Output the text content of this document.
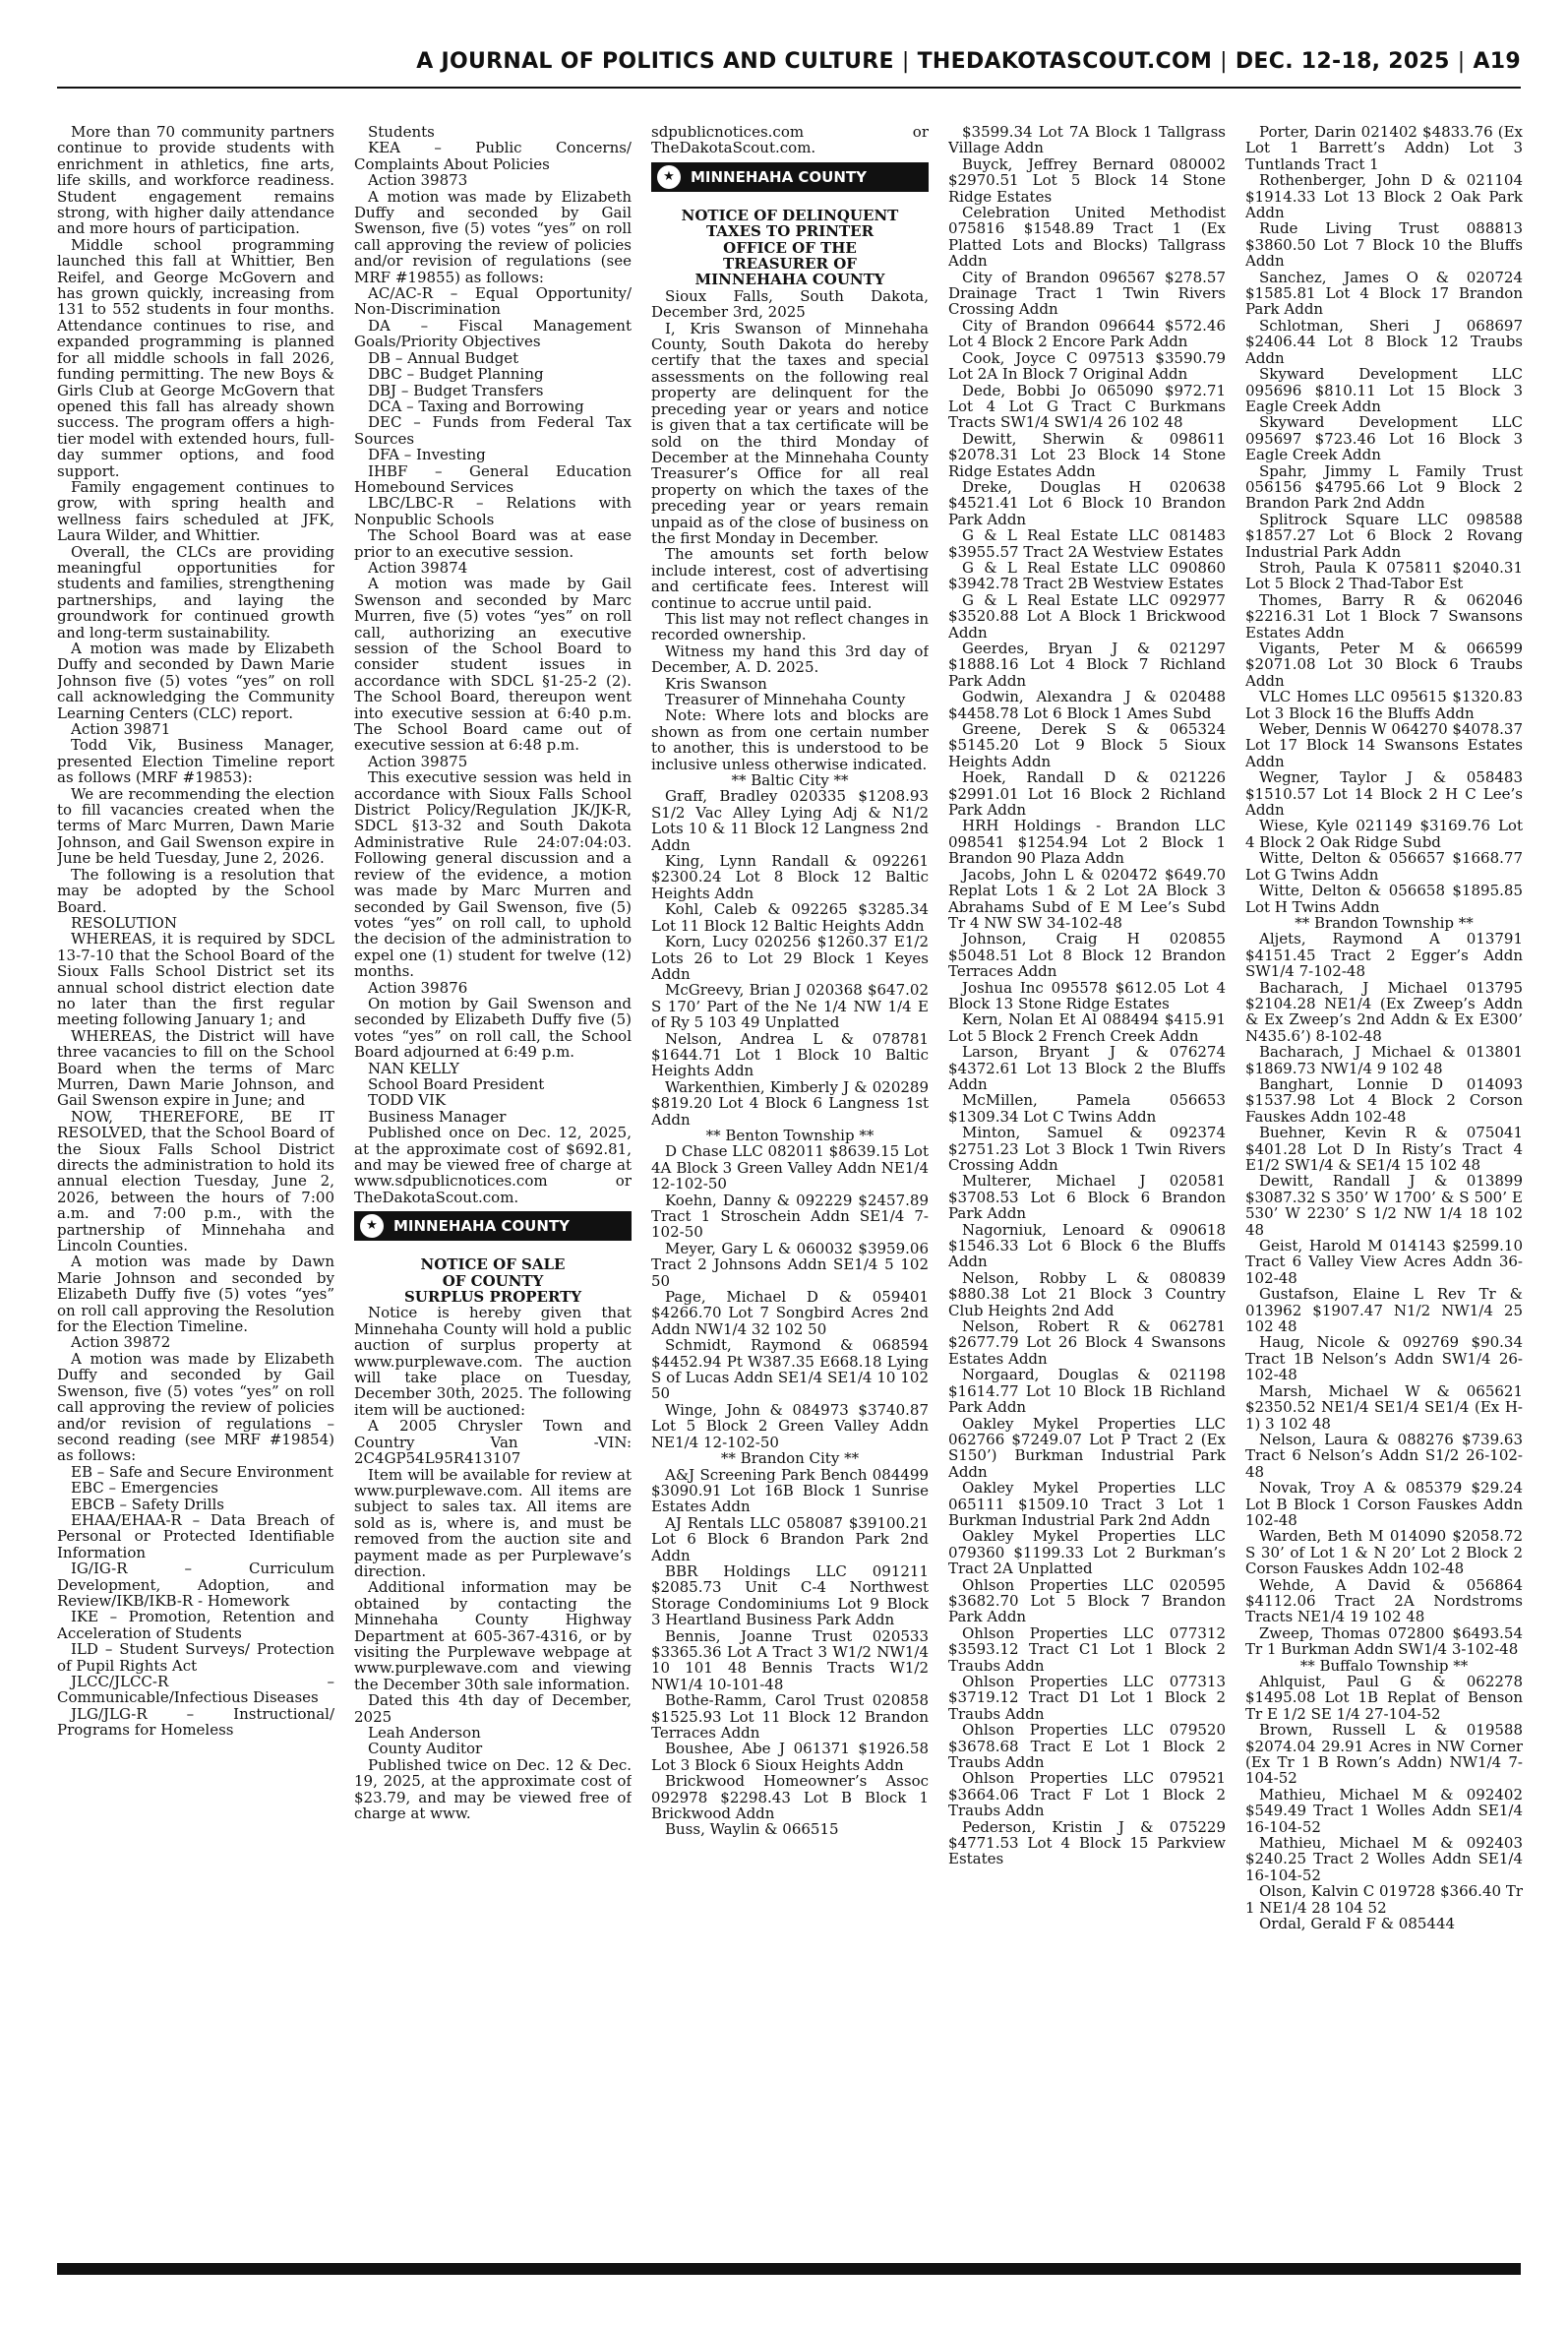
A JOURNAL OF POLITICS AND CULTURE | THEDAKOTASCOUT.COM | DEC. 12-18, 2025 | A19

More than 70 community partners continue to provide students with enrichment in athletics, fine arts, life skills, and workforce readiness. Student engagement remains strong, with higher daily attendance and more hours of participation.

Middle school programming launched this fall at Whittier, Ben Reifel, and George McGovern and has grown quickly, increasing from 131 to 552 students in four months. Attendance continues to rise, and expanded programming is planned for all middle schools in fall 2026, funding permitting. The new Boys & Girls Club at George McGovern that opened this fall has already shown success. The program offers a high-tier model with extended hours, full-day summer options, and food support.

Family engagement continues to grow, with spring health and wellness fairs scheduled at JFK, Laura Wilder, and Whittier.

Overall, the CLCs are providing meaningful opportunities for students and families, strengthening partnerships, and laying the groundwork for continued growth and long-term sustainability.

A motion was made by Elizabeth Duffy and seconded by Dawn Marie Johnson five (5) votes “yes” on roll call acknowledging the Community Learning Centers (CLC) report.

Action 39871

Todd Vik, Business Manager, presented Election Timeline report as follows (MRF #19853):

We are recommending the election to fill vacancies created when the terms of Marc Murren, Dawn Marie Johnson, and Gail Swenson expire in June be held Tuesday, June 2, 2026.

The following is a resolution that may be adopted by the School Board.

RESOLUTION

WHEREAS, it is required by SDCL 13-7-10 that the School Board of the Sioux Falls School District set its annual school district election date no later than the first regular meeting following January 1; and

WHEREAS, the District will have three vacancies to fill on the School Board when the terms of Marc Murren, Dawn Marie Johnson, and Gail Swenson expire in June; and

NOW, THEREFORE, BE IT RESOLVED, that the School Board of the Sioux Falls School District directs the administration to hold its annual election Tuesday, June 2, 2026, between the hours of 7:00 a.m. and 7:00 p.m., with the partnership of Minnehaha and Lincoln Counties.

A motion was made by Dawn Marie Johnson and seconded by Elizabeth Duffy five (5) votes “yes” on roll call approving the Resolution for the Election Timeline.

Action 39872

A motion was made by Elizabeth Duffy and seconded by Gail Swenson, five (5) votes “yes” on roll call approving the review of policies and/or revision of regulations – second reading (see MRF #19854) as follows:

EB – Safe and Secure Environment

EBC – Emergencies

EBCB – Safety Drills

EHAA/EHAA-R – Data Breach of Personal or Protected Identifiable Information

IG/IG-R – Curriculum Development, Adoption, and Review/IKB/IKB-R - Homework

IKE – Promotion, Retention and Acceleration of Students

ILD – Student Surveys/ Protection of Pupil Rights Act

JLCC/JLCC-R – Communicable/Infectious Diseases

JLG/JLG-R – Instructional/ Programs for Homeless

Students

KEA – Public Concerns/ Complaints About Policies

Action 39873

A motion was made by Elizabeth Duffy and seconded by Gail Swenson, five (5) votes “yes” on roll call approving the review of policies and/or revision of regulations (see MRF #19855) as follows:

AC/AC-R – Equal Opportunity/ Non-Discrimination

DA – Fiscal Management Goals/Priority Objectives

DB – Annual Budget

DBC – Budget Planning

DBJ – Budget Transfers

DCA – Taxing and Borrowing

DEC – Funds from Federal Tax Sources

DFA – Investing

IHBF – General Education Homebound Services

LBC/LBC-R – Relations with Nonpublic Schools

The School Board was at ease prior to an executive session.

Action 39874

A motion was made by Gail Swenson and seconded by Marc Murren, five (5) votes “yes” on roll call, authorizing an executive session of the School Board to consider student issues in accordance with SDCL §1-25-2 (2). The School Board, thereupon went into executive session at 6:40 p.m. The School Board came out of executive session at 6:48 p.m.

Action 39875

This executive session was held in accordance with Sioux Falls School District Policy/Regulation JK/JK-R, SDCL §13-32 and South Dakota Administrative Rule 24:07:04:03. Following general discussion and a review of the evidence, a motion was made by Marc Murren and seconded by Gail Swenson, five (5) votes “yes” on roll call, to uphold the decision of the administration to expel one (1) student for twelve (12) months.

Action 39876

On motion by Gail Swenson and seconded by Elizabeth Duffy five (5) votes “yes” on roll call, the School Board adjourned at 6:49 p.m.

NAN KELLY

School Board President

TODD VIK

Business Manager

Published once on Dec. 12, 2025, at the approximate cost of $692.81, and may be viewed free of charge at www.sdpublicnotices.com or TheDakotaScout.com.

★	MINNEHAHA COUNTY

NOTICE OF SALE

OF COUNTY

SURPLUS PROPERTY

Notice is hereby given that Minnehaha County will hold a public auction of surplus property at www.purplewave.com. The auction will take place on Tuesday, December 30th, 2025. The following item will be auctioned:

A 2005 Chrysler Town and Country Van -VIN: 2C4GP54L95R413107

Item will be available for review at www.purplewave.com. All items are subject to sales tax. All items are sold as is, where is, and must be removed from the auction site and payment made as per Purplewave’s direction.

Additional information may be obtained by contacting the Minnehaha County Highway Department at 605-367-4316, or by visiting the Purplewave webpage at www.purplewave.com and viewing the December 30th sale information.

Dated this 4th day of December, 2025

Leah Anderson

County Auditor

Published twice on Dec. 12 & Dec. 19, 2025, at the approximate cost of $23.79, and may be viewed free of charge at www.

sdpublicnotices.com or TheDakotaScout.com.

★	MINNEHAHA COUNTY

NOTICE OF DELINQUENT

TAXES TO PRINTER

OFFICE OF THE

TREASURER OF

MINNEHAHA COUNTY

Sioux Falls, South Dakota, December 3rd, 2025

I, Kris Swanson of Minnehaha County, South Dakota do hereby certify that the taxes and special assessments on the following real property are delinquent for the preceding year or years and notice is given that a tax certificate will be sold on the third Monday of December at the Minnehaha County Treasurer’s Office for all real property on which the taxes of the preceding year or years remain unpaid as of the close of business on the first Monday in December.

The amounts set forth below include interest, cost of advertising and certificate fees. Interest will continue to accrue until paid.

This list may not reflect changes in recorded ownership.

Witness my hand this 3rd day of December, A. D. 2025.

Kris Swanson

Treasurer of Minnehaha County

Note: Where lots and blocks are shown as from one certain number to another, this is understood to be inclusive unless otherwise indicated.

** Baltic City **

Graff, Bradley 020335 $1208.93 S1/2 Vac Alley Lying Adj & N1/2 Lots 10 & 11 Block 12 Langness 2nd Addn

King, Lynn Randall & 092261 $2300.24 Lot 8 Block 12 Baltic Heights Addn

Kohl, Caleb & 092265 $3285.34 Lot 11 Block 12 Baltic Heights Addn

Korn, Lucy 020256 $1260.37 E1/2 Lots 26 to Lot 29 Block 1 Keyes Addn

McGreevy, Brian J 020368 $647.02 S 170’ Part of the Ne 1/4 NW 1/4 E of Ry 5 103 49 Unplatted

Nelson, Andrea L & 078781 $1644.71 Lot 1 Block 10 Baltic Heights Addn

Warkenthien, Kimberly J & 020289 $819.20 Lot 4 Block 6 Langness 1st Addn

** Benton Township **

D Chase LLC 082011 $8639.15 Lot 4A Block 3 Green Valley Addn NE1/4 12-102-50

Koehn, Danny & 092229 $2457.89 Tract 1 Stroschein Addn SE1/4 7-102-50

Meyer, Gary L & 060032 $3959.06 Tract 2 Johnsons Addn SE1/4 5 102 50

Page, Michael D & 059401 $4266.70 Lot 7 Songbird Acres 2nd Addn NW1/4 32 102 50

Schmidt, Raymond & 068594 $4452.94 Pt W387.35 E668.18 Lying S of Lucas Addn SE1/4 SE1/4 10 102 50

Winge, John & 084973 $3740.87 Lot 5 Block 2 Green Valley Addn NE1/4 12-102-50

** Brandon City **

A&J Screening Park Bench 084499 $3090.91 Lot 16B Block 1 Sunrise Estates Addn

AJ Rentals LLC 058087 $39100.21 Lot 6 Block 6 Brandon Park 2nd Addn

BBR Holdings LLC 091211 $2085.73 Unit C-4 Northwest Storage Condominiums Lot 9 Block 3 Heartland Business Park Addn

Bennis, Joanne Trust 020533 $3365.36 Lot A Tract 3 W1/2 NW1/4 10 101 48 Bennis Tracts W1/2 NW1/4 10-101-48

Bothe-Ramm, Carol Trust 020858 $1525.93 Lot 11 Block 12 Brandon Terraces Addn

Boushee, Abe J 061371 $1926.58 Lot 3 Block 6 Sioux Heights Addn

Brickwood Homeowner’s Assoc 092978 $2298.43 Lot B Block 1 Brickwood Addn

Buss, Waylin & 066515

$3599.34 Lot 7A Block 1 Tallgrass Village Addn

Buyck, Jeffrey Bernard 080002 $2970.51 Lot 5 Block 14 Stone Ridge Estates

Celebration United Methodist 075816 $1548.89 Tract 1 (Ex Platted Lots and Blocks) Tallgrass Addn

City of Brandon 096567 $278.57 Drainage Tract 1 Twin Rivers Crossing Addn

City of Brandon 096644 $572.46 Lot 4 Block 2 Encore Park Addn

Cook, Joyce C 097513 $3590.79 Lot 2A In Block 7 Original Addn

Dede, Bobbi Jo 065090 $972.71 Lot 4 Lot G Tract C Burkmans Tracts SW1/4 SW1/4 26 102 48

Dewitt, Sherwin & 098611 $2078.31 Lot 23 Block 14 Stone Ridge Estates Addn

Dreke, Douglas H 020638 $4521.41 Lot 6 Block 10 Brandon Park Addn

G & L Real Estate LLC 081483 $3955.57 Tract 2A Westview Estates

G & L Real Estate LLC 090860 $3942.78 Tract 2B Westview Estates

G & L Real Estate LLC 092977 $3520.88 Lot A Block 1 Brickwood Addn

Geerdes, Bryan J & 021297 $1888.16 Lot 4 Block 7 Richland Park Addn

Godwin, Alexandra J & 020488 $4458.78 Lot 6 Block 1 Ames Subd

Greene, Derek S & 065324 $5145.20 Lot 9 Block 5 Sioux Heights Addn

Hoek, Randall D & 021226 $2991.01 Lot 16 Block 2 Richland Park Addn

HRH Holdings - Brandon LLC 098541 $1254.94 Lot 2 Block 1 Brandon 90 Plaza Addn

Jacobs, John L & 020472 $649.70 Replat Lots 1 & 2 Lot 2A Block 3 Abrahams Subd of E M Lee’s Subd Tr 4 NW SW 34-102-48

Johnson, Craig H 020855 $5048.51 Lot 8 Block 12 Brandon Terraces Addn

Joshua Inc 095578 $612.05 Lot 4 Block 13 Stone Ridge Estates

Kern, Nolan Et Al 088494 $415.91 Lot 5 Block 2 French Creek Addn

Larson, Bryant J & 076274 $4372.61 Lot 13 Block 2 the Bluffs Addn

McMillen, Pamela 056653 $1309.34 Lot C Twins Addn

Minton, Samuel & 092374 $2751.23 Lot 3 Block 1 Twin Rivers Crossing Addn

Multerer, Michael J 020581 $3708.53 Lot 6 Block 6 Brandon Park Addn

Nagorniuk, Lenoard & 090618 $1546.33 Lot 6 Block 6 the Bluffs Addn

Nelson, Robby L & 080839 $880.38 Lot 21 Block 3 Country Club Heights 2nd Add

Nelson, Robert R & 062781 $2677.79 Lot 26 Block 4 Swansons Estates Addn

Norgaard, Douglas & 021198 $1614.77 Lot 10 Block 1B Richland Park Addn

Oakley Mykel Properties LLC 062766 $7249.07 Lot P Tract 2 (Ex S150’) Burkman Industrial Park Addn

Oakley Mykel Properties LLC 065111 $1509.10 Tract 3 Lot 1 Burkman Industrial Park 2nd Addn

Oakley Mykel Properties LLC 079360 $1199.33 Lot 2 Burkman’s Tract 2A Unplatted

Ohlson Properties LLC 020595 $3682.70 Lot 5 Block 7 Brandon Park Addn

Ohlson Properties LLC 077312 $3593.12 Tract C1 Lot 1 Block 2 Traubs Addn

Ohlson Properties LLC 077313 $3719.12 Tract D1 Lot 1 Block 2 Traubs Addn

Ohlson Properties LLC 079520 $3678.68 Tract E Lot 1 Block 2 Traubs Addn

Ohlson Properties LLC 079521 $3664.06 Tract F Lot 1 Block 2 Traubs Addn

Pederson, Kristin J & 075229 $4771.53 Lot 4 Block 15 Parkview Estates

Porter, Darin 021402 $4833.76 (Ex Lot 1 Barrett’s Addn) Lot 3 Tuntlands Tract 1

Rothenberger, John D & 021104 $1914.33 Lot 13 Block 2 Oak Park Addn

Rude Living Trust 088813 $3860.50 Lot 7 Block 10 the Bluffs Addn

Sanchez, James O & 020724 $1585.81 Lot 4 Block 17 Brandon Park Addn

Schlotman, Sheri J 068697 $2406.44 Lot 8 Block 12 Traubs Addn

Skyward Development LLC 095696 $810.11 Lot 15 Block 3 Eagle Creek Addn

Skyward Development LLC 095697 $723.46 Lot 16 Block 3 Eagle Creek Addn

Spahr, Jimmy L Family Trust 056156 $4795.66 Lot 9 Block 2 Brandon Park 2nd Addn

Splitrock Square LLC 098588 $1857.27 Lot 6 Block 2 Rovang Industrial Park Addn

Stroh, Paula K 075811 $2040.31 Lot 5 Block 2 Thad-Tabor Est

Thomes, Barry R & 062046 $2216.31 Lot 1 Block 7 Swansons Estates Addn

Vigants, Peter M & 066599 $2071.08 Lot 30 Block 6 Traubs Addn

VLC Homes LLC 095615 $1320.83 Lot 3 Block 16 the Bluffs Addn

Weber, Dennis W 064270 $4078.37 Lot 17 Block 14 Swansons Estates Addn

Wegner, Taylor J & 058483 $1510.57 Lot 14 Block 2 H C Lee’s Addn

Wiese, Kyle 021149 $3169.76 Lot 4 Block 2 Oak Ridge Subd

Witte, Delton & 056657 $1668.77 Lot G Twins Addn

Witte, Delton & 056658 $1895.85 Lot H Twins Addn

** Brandon Township **

Aljets, Raymond A 013791 $4151.45 Tract 2 Egger’s Addn SW1/4 7-102-48

Bacharach, J Michael 013795 $2104.28 NE1/4 (Ex Zweep’s Addn & Ex Zweep’s 2nd Addn & Ex E300’ N435.6’) 8-102-48

Bacharach, J Michael & 013801 $1869.73 NW1/4 9 102 48

Banghart, Lonnie D 014093 $1537.98 Lot 4 Block 2 Corson Fauskes Addn 102-48

Buehner, Kevin R & 075041 $401.28 Lot D In Risty’s Tract 4 E1/2 SW1/4 & SE1/4 15 102 48

Dewitt, Randall J & 013899 $3087.32 S 350’ W 1700’ & S 500’ E 530’ W 2230’ S 1/2 NW 1/4 18 102 48

Geist, Harold M 014143 $2599.10 Tract 6 Valley View Acres Addn 36-102-48

Gustafson, Elaine L Rev Tr & 013962 $1907.47 N1/2 NW1/4 25 102 48

Haug, Nicole & 092769 $90.34 Tract 1B Nelson’s Addn SW1/4 26-102-48

Marsh, Michael W & 065621 $2350.52 NE1/4 SE1/4 SE1/4 (Ex H-1) 3 102 48

Nelson, Laura & 088276 $739.63 Tract 6 Nelson’s Addn S1/2 26-102-48

Novak, Troy A & 085379 $29.24 Lot B Block 1 Corson Fauskes Addn 102-48

Warden, Beth M 014090 $2058.72 S 30’ of Lot 1 & N 20’ Lot 2 Block 2 Corson Fauskes Addn 102-48

Wehde, A David & 056864 $4112.06 Tract 2A Nordstroms Tracts NE1/4 19 102 48

Zweep, Thomas 072800 $6493.54 Tr 1 Burkman Addn SW1/4 3-102-48

** Buffalo Township **

Ahlquist, Paul G & 062278 $1495.08 Lot 1B Replat of Benson Tr E 1/2 SE 1/4 27-104-52

Brown, Russell L & 019588 $2074.04 29.91 Acres in NW Corner (Ex Tr 1 B Rown’s Addn) NW1/4 7-104-52

Mathieu, Michael M & 092402 $549.49 Tract 1 Wolles Addn SE1/4 16-104-52

Mathieu, Michael M & 092403 $240.25 Tract 2 Wolles Addn SE1/4 16-104-52

Olson, Kalvin C 019728 $366.40 Tr 1 NE1/4 28 104 52

Ordal, Gerald F & 085444
